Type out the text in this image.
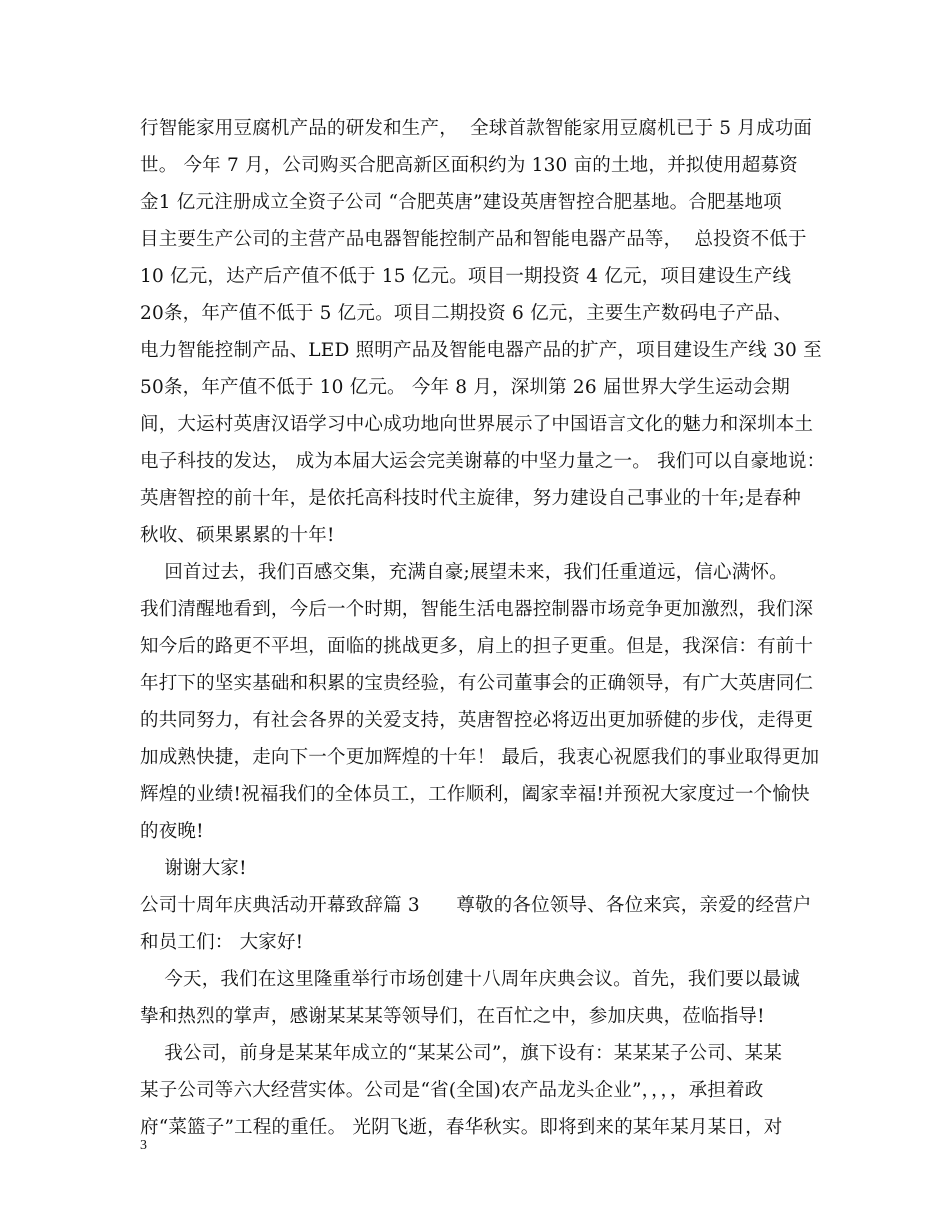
行智能家用豆腐机产品的研发和生产，  全球首款智能家用豆腐机已于 5 月成功面
世。 今年 7 月，公司购买合肥高新区面积约为 130 亩的土地，并拟使用超募资
金1 亿元注册成立全资子公司 “合肥英唐”建设英唐智控合肥基地。合肥基地项
目主要生产公司的主营产品电器智能控制产品和智能电器产品等，  总投资不低于
10 亿元，达产后产值不低于 15 亿元。项目一期投资 4 亿元，项目建设生产线
20条，年产值不低于 5 亿元。项目二期投资 6 亿元，主要生产数码电子产品、
电力智能控制产品、LED 照明产品及智能电器产品的扩产，项目建设生产线 30 至
50条，年产值不低于 10 亿元。 今年 8 月，深圳第 26 届世界大学生运动会期
间，大运村英唐汉语学习中心成功地向世界展示了中国语言文化的魅力和深圳本土
电子科技的发达， 成为本届大运会完美谢幕的中坚力量之一。 我们可以自豪地说：
英唐智控的前十年，是依托高科技时代主旋律，努力建设自己事业的十年;是春种
秋收、硕果累累的十年!
回首过去，我们百感交集，充满自豪;展望未来，我们任重道远，信心满怀。
我们清醒地看到，今后一个时期，智能生活电器控制器市场竞争更加激烈，我们深
知今后的路更不平坦，面临的挑战更多，肩上的担子更重。但是，我深信：有前十
年打下的坚实基础和积累的宝贵经验，有公司董事会的正确领导，有广大英唐同仁
的共同努力，有社会各界的关爱支持，英唐智控必将迈出更加骄健的步伐，走得更
加成熟快捷，走向下一个更加辉煌的十年！ 最后，我衷心祝愿我们的事业取得更加
辉煌的业绩!祝福我们的全体员工，工作顺利，阖家幸福!并预祝大家度过一个愉快
的夜晚!
谢谢大家!
公司十周年庆典活动开幕致辞篇 3      尊敬的各位领导、各位来宾，亲爱的经营户
和员工们： 大家好!
今天，我们在这里隆重举行市场创建十八周年庆典会议。首先，我们要以最诚
挚和热烈的掌声，感谢某某某等领导们，在百忙之中，参加庆典，莅临指导!
我公司，前身是某某年成立的“某某公司”，旗下设有：某某某子公司、某某
某子公司等六大经营实体。公司是“省(全国)农产品龙头企业”，，，，承担着政
府“菜篮子”工程的重任。 光阴飞逝，春华秋实。即将到来的某年某月某日，对
3
